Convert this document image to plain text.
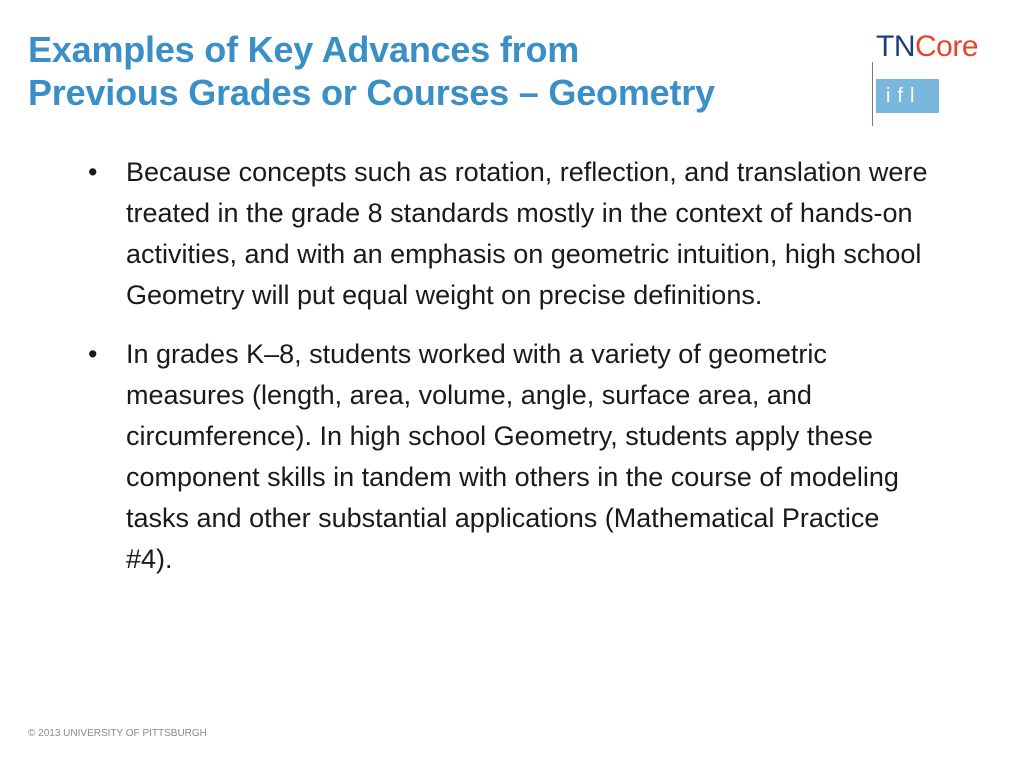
Examples of Key Advances from
Previous Grades or Courses – Geometry
TNCore
ifl
• Because concepts such as rotation, reflection, and translation were treated in the grade 8 standards mostly in the context of hands-on activities, and with an emphasis on geometric intuition, high school Geometry will put equal weight on precise definitions.
• In grades K–8, students worked with a variety of geometric measures (length, area, volume, angle, surface area, and circumference). In high school Geometry, students apply these component skills in tandem with others in the course of modeling tasks and other substantial applications (Mathematical Practice #4).
© 2013 UNIVERSITY OF PITTSBURGH
